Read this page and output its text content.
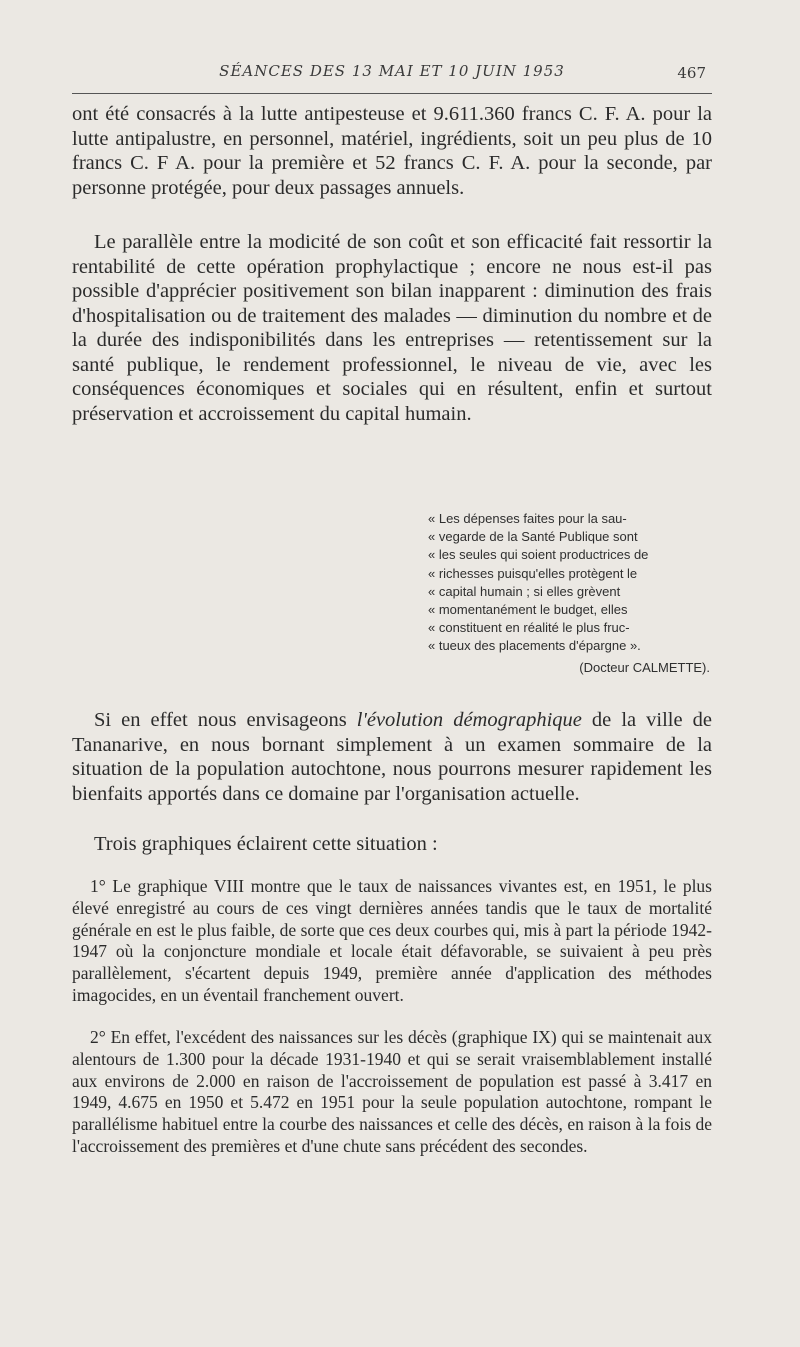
SÉANCES DES 13 MAI ET 10 JUIN 1953	467

ont été consacrés à la lutte antipesteuse et 9.611.360 francs C. F. A. pour la lutte antipalustre, en personnel, matériel, ingrédients, soit un peu plus de 10 francs C. F A. pour la première et 52 francs C. F. A. pour la seconde, par personne protégée, pour deux passages annuels.

Le parallèle entre la modicité de son coût et son efficacité fait ressortir la rentabilité de cette opération prophylactique ; encore ne nous est-il pas possible d'apprécier positivement son bilan inapparent : diminution des frais d'hospitalisation ou de traitement des malades — diminution du nombre et de la durée des indisponibilités dans les entreprises — retentissement sur la santé publique, le rendement professionnel, le niveau de vie, avec les conséquences économiques et sociales qui en résultent, enfin et surtout préservation et accroissement du capital humain.

« Les dépenses faites pour la sau-
« vegarde de la Santé Publique sont
« les seules qui soient productrices de
« richesses puisqu'elles protègent le
« capital humain ; si elles grèvent
« momentanément le budget, elles
« constituent en réalité le plus fruc-
« tueux des placements d'épargne ».
(Docteur CALMETTE).

Si en effet nous envisageons l'évolution démographique de la ville de Tananarive, en nous bornant simplement à un examen sommaire de la situation de la population autochtone, nous pourrons mesurer rapidement les bienfaits apportés dans ce domaine par l'organisation actuelle.

Trois graphiques éclairent cette situation :

1° Le graphique VIII montre que le taux de naissances vivantes est, en 1951, le plus élevé enregistré au cours de ces vingt dernières années tandis que le taux de mortalité générale en est le plus faible, de sorte que ces deux courbes qui, mis à part la période 1942-1947 où la conjoncture mondiale et locale était défavorable, se suivaient à peu près parallèlement, s'écartent depuis 1949, première année d'application des méthodes imagocides, en un éventail franchement ouvert.

2° En effet, l'excédent des naissances sur les décès (graphique IX) qui se maintenait aux alentours de 1.300 pour la décade 1931-1940 et qui se serait vraisemblablement installé aux environs de 2.000 en raison de l'accroissement de population est passé à 3.417 en 1949, 4.675 en 1950 et 5.472 en 1951 pour la seule population autochtone, rompant le parallélisme habituel entre la courbe des naissances et celle des décès, en raison à la fois de l'accroissement des premières et d'une chute sans précédent des secondes.
